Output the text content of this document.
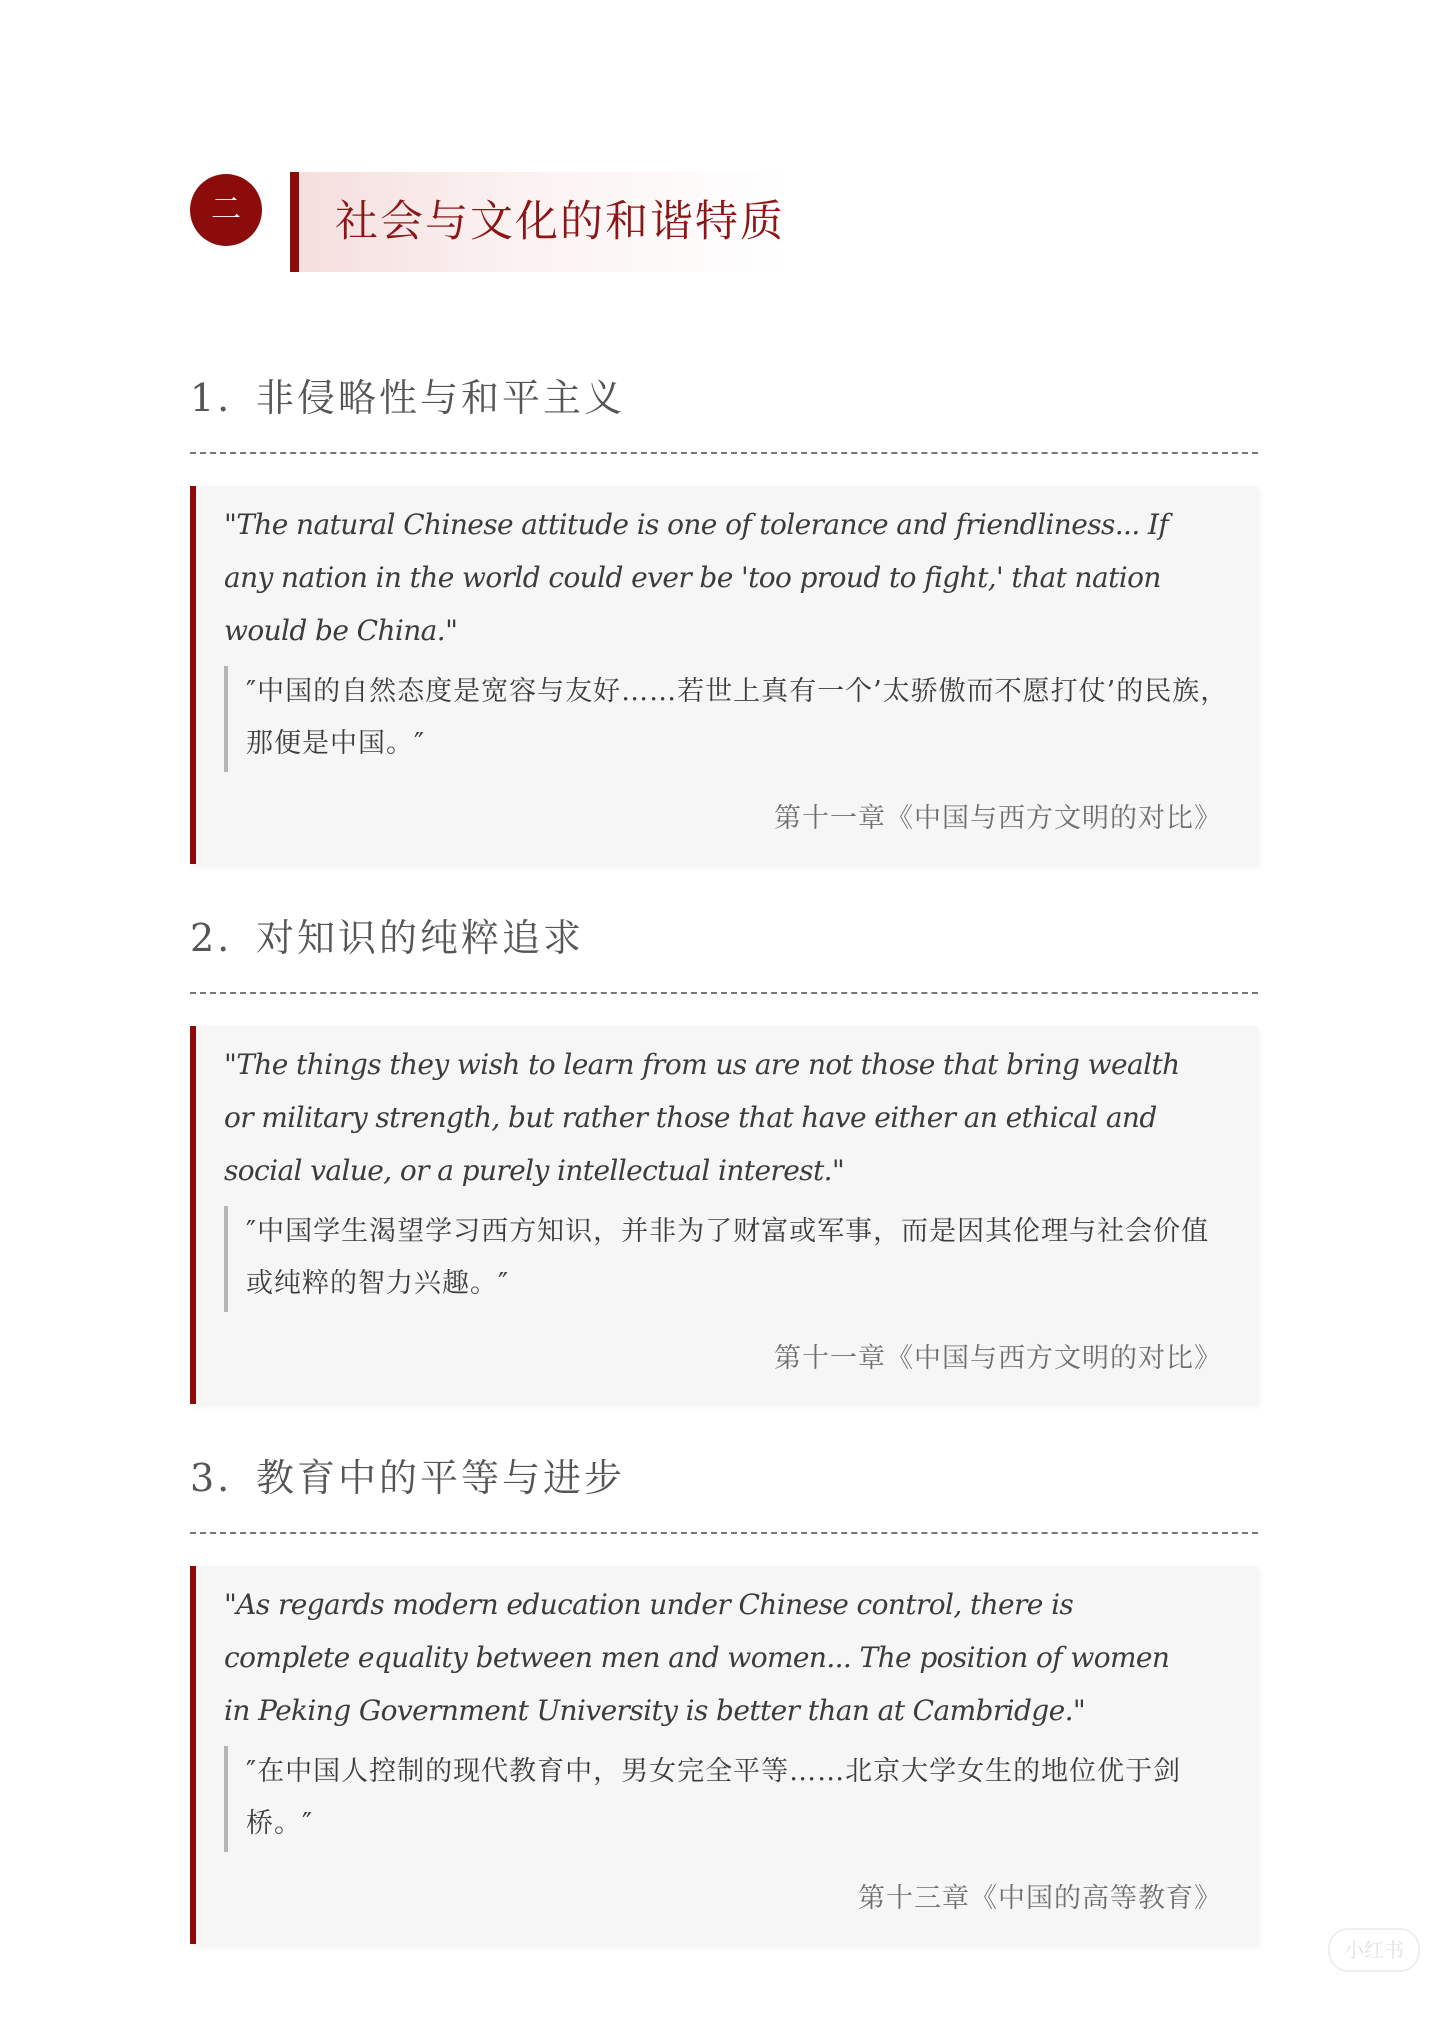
二	社会与文化的和谐特质
1. 非侵略性与和平主义
"The natural Chinese attitude is one of tolerance and friendliness... If any nation in the world could ever be 'too proud to fight,' that nation would be China."
″中国的自然态度是宽容与友好……若世上真有一个’太骄傲而不愿打仗’的民族，那便是中国。″
第十一章《中国与西方文明的对比》
2. 对知识的纯粹追求
"The things they wish to learn from us are not those that bring wealth or military strength, but rather those that have either an ethical and social value, or a purely intellectual interest."
″中国学生渴望学习西方知识，并非为了财富或军事，而是因其伦理与社会价值或纯粹的智力兴趣。″
第十一章《中国与西方文明的对比》
3. 教育中的平等与进步
"As regards modern education under Chinese control, there is complete equality between men and women... The position of women in Peking Government University is better than at Cambridge."
″在中国人控制的现代教育中，男女完全平等……北京大学女生的地位优于剑桥。″
第十三章《中国的高等教育》
小红书
